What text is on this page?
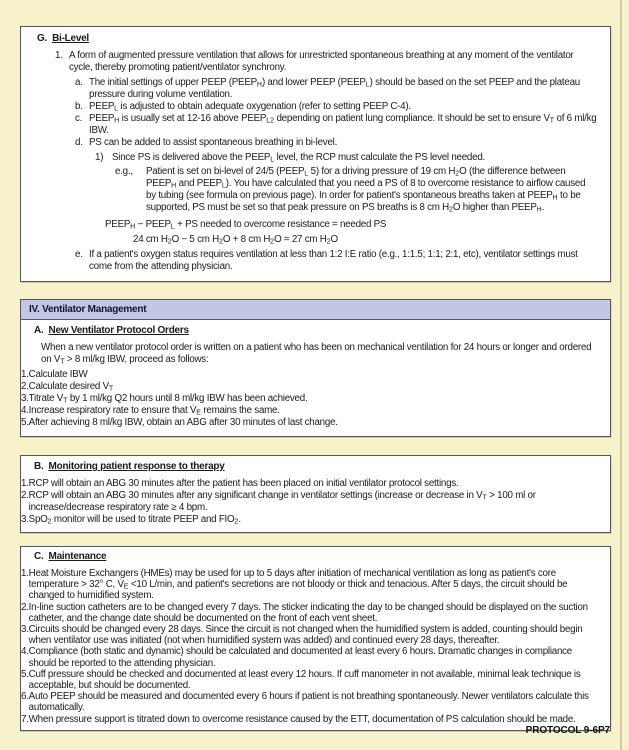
G. Bi-Level
1. A form of augmented pressure ventilation that allows for unrestricted spontaneous breathing at any moment of the ventilator cycle, thereby promoting patient/ventilator synchrony.
a. The initial settings of upper PEEP $(PEEP_H)$ and lower PEEP $(PEEP_L)$ should be based on the set PEEP and the plateau pressure during volume ventilation.
b. $PEEP_L$ is adjusted to obtain adequate oxygenation (refer to setting PEEP C-4).
c. $PEEP_H$ is usually set at 12-16 above $PEEP_{L2}$ depending on patient lung compliance. It should be set to ensure $V_T$ of 6 ml/kg IBW.
d. PS can be added to assist spontaneous breathing in bi-level.
1) Since PS is delivered above the $PEEP_L$ level, the RCP must calculate the PS level needed.
e.g.,	Patient is set on bi-level of 24/5 ($PEEP_L$ 5) for a driving pressure of 19 cm $H_2O$ (the difference between $PEEP_H$ and $PEEP_L$). You have calculated that you need a PS of 8 to overcome resistance to airflow caused by tubing (see formula on previous page). In order for patient's spontaneous breaths taken at $PEEP_H$ to be supported, PS must be set so that peak pressure on PS breaths is 8 cm $H_2O$ higher than $PEEP_H$.
$PEEP_H$ − $PEEP_L$ + PS needed to overcome resistance = needed PS
24 cm $H_2O - 5$ cm $H_2O + 8$ cm $H_2O = 27$ cm $H_2O$
e. If a patient's oxygen status requires ventilation at less than 1:2 I:E ratio (e.g., 1:1.5; 1:1; 2:1, etc), ventilator settings must come from the attending physician.
IV. Ventilator Management
A. New Ventilator Protocol Orders
When a new ventilator protocol order is written on a patient who has been on mechanical ventilation for 24 hours or longer and ordered on $V_T > 8$ ml/kg IBW, proceed as follows:
1. Calculate IBW
2. Calculate desired $V_T$
3. Titrate $V_T$ by 1 ml/kg Q2 hours until 8 ml/kg IBW has been achieved.
4. Increase respiratory rate to ensure that $V̇_E$ remains the same.
5. After achieving 8 ml/kg IBW, obtain an ABG after 30 minutes of last change.
B. Monitoring patient response to therapy
1. RCP will obtain an ABG 30 minutes after the patient has been placed on initial ventilator protocol settings.
2. RCP will obtain an ABG 30 minutes after any significant change in ventilator settings (increase or decrease in $V_T > 100$ ml or increase/decrease respiratory rate ≥ 4 bpm.
3. SpO$_2$ monitor will be used to titrate PEEP and $FIO_2$.
C. Maintenance
1. Heat Moisture Exchangers (HMEs) may be used for up to 5 days after initiation of mechanical ventilation as long as patient's core temperature > 32° C, $V̇_E <10$ L/min, and patient's secretions are not bloody or thick and tenacious. After 5 days, the circuit should be changed to humidified system.
2. In-line suction catheters are to be changed every 7 days. The sticker indicating the day to be changed should be displayed on the suction catheter, and the change date should be documented on the front of each vent sheet.
3. Circuits should be changed every 28 days. Since the circuit is not changed when the humidified system is added, counting should begin when ventilator use was initiated (not when humidified system was added) and continued every 28 days, thereafter.
4. Compliance (both static and dynamic) should be calculated and documented at least every 6 hours. Dramatic changes in compliance should be reported to the attending physician.
5. Cuff pressure should be checked and documented at least every 12 hours. If cuff manometer in not available, minimal leak technique is acceptable, but should be documented.
6. Auto PEEP should be measured and documented every 6 hours if patient is not breathing spontaneously. Newer ventilators calculate this automatically.
7. When pressure support is titrated down to overcome resistance caused by the ETT, documentation of PS calculation should be made.
PROTOCOL 9-6P7
